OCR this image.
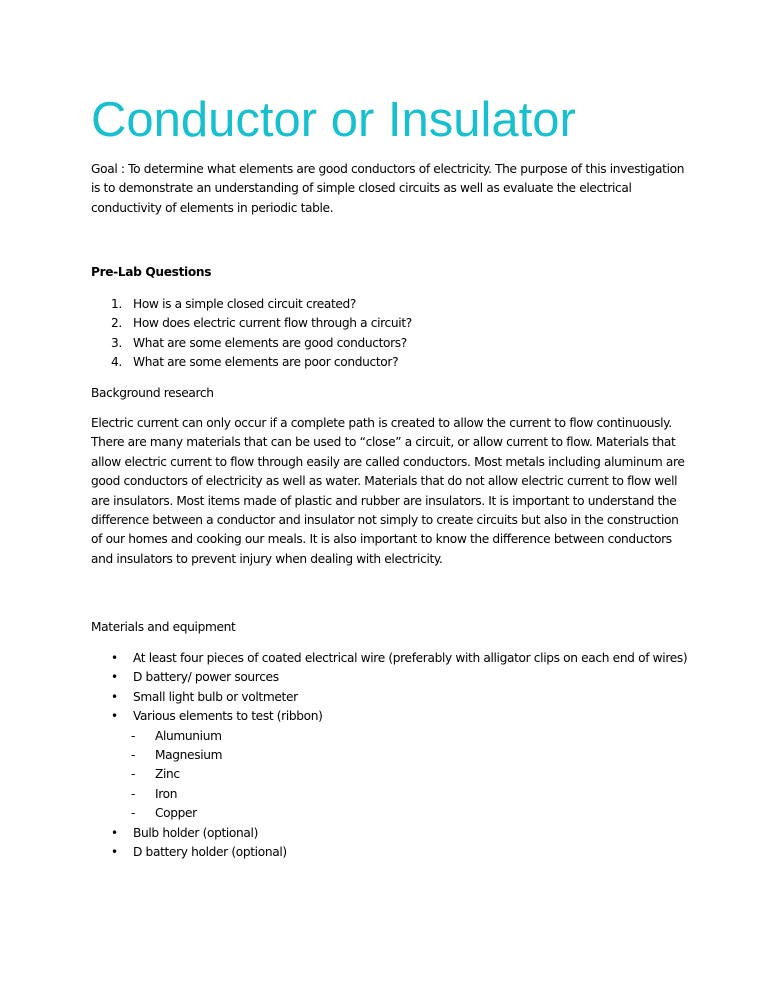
Conductor or Insulator

Goal : To determine what elements are good conductors of electricity. The purpose of this investigation is to demonstrate an understanding of simple closed circuits as well as evaluate the electrical conductivity of elements in periodic table.

Pre-Lab Questions

1. How is a simple closed circuit created?
2. How does electric current flow through a circuit?
3. What are some elements are good conductors?
4. What are some elements are poor conductor?

Background research

Electric current can only occur if a complete path is created to allow the current to flow continuously. There are many materials that can be used to “close” a circuit, or allow current to flow. Materials that allow electric current to flow through easily are called conductors. Most metals including aluminum are good conductors of electricity as well as water. Materials that do not allow electric current to flow well are insulators. Most items made of plastic and rubber are insulators. It is important to understand the difference between a conductor and insulator not simply to create circuits but also in the construction of our homes and cooking our meals. It is also important to know the difference between conductors and insulators to prevent injury when dealing with electricity.

Materials and equipment

• At least four pieces of coated electrical wire (preferably with alligator clips on each end of wires)
• D battery/ power sources
• Small light bulb or voltmeter
• Various elements to test (ribbon)
- Alumunium
- Magnesium
- Zinc
- Iron
- Copper
• Bulb holder (optional)
• D battery holder (optional)
